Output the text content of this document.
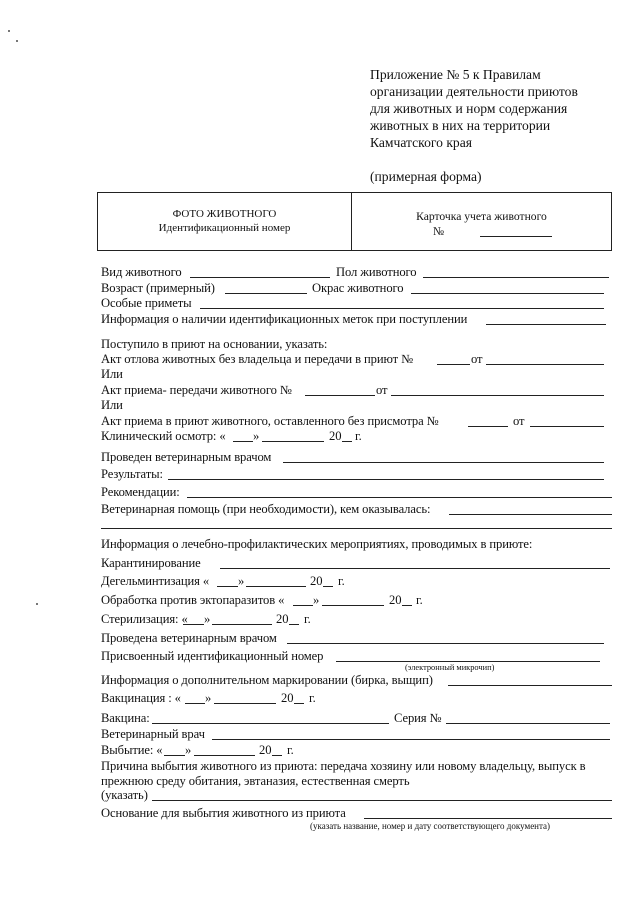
Приложение № 5 к Правилам
организации деятельности приютов
для животных и норм содержания
животных в них на территории
Камчатского края
(примерная форма)
ФОТО ЖИВОТНОГО
Идентификационный номер
Карточка учета животного
№
Вид животного	Пол животного
Возраст (примерный)	Окрас животного
Особые приметы
Информация о наличии идентификационных меток при поступлении
Поступило в приют на основании, указать:
Акт отлова животных без владельца и передачи в приют №	от
Или
Акт приема- передачи животного №	от
Или
Акт приема в приют животного, оставленного без присмотра №	от
Клинический осмотр: « »	20 г.
Проведен ветеринарным врачом
Результаты:
Рекомендации:
Ветеринарная помощь (при необходимости), кем оказывалась:
Информация о лечебно-профилактических мероприятиях, проводимых в приюте:
Карантинирование
Дегельминтизация « »	20 г.
Обработка против эктопаразитов « »	20 г.
Стерилизация: « »	20 г.
Проведена ветеринарным врачом
Присвоенный идентификационный номер
(электронный микрочип)
Информация о дополнительном маркировании (бирка, выщип)
Вакцинация : « »	20 г.
Вакцина:	Серия №
Ветеринарный врач
Выбытие: « »	20 г.
Причина выбытия животного из приюта: передача хозяину или новому владельцу, выпуск в
прежнюю среду обитания, эвтаназия, естественная смерть
(указать)
Основание для выбытия животного из приюта
(указать название, номер и дату соответствующего документа)
